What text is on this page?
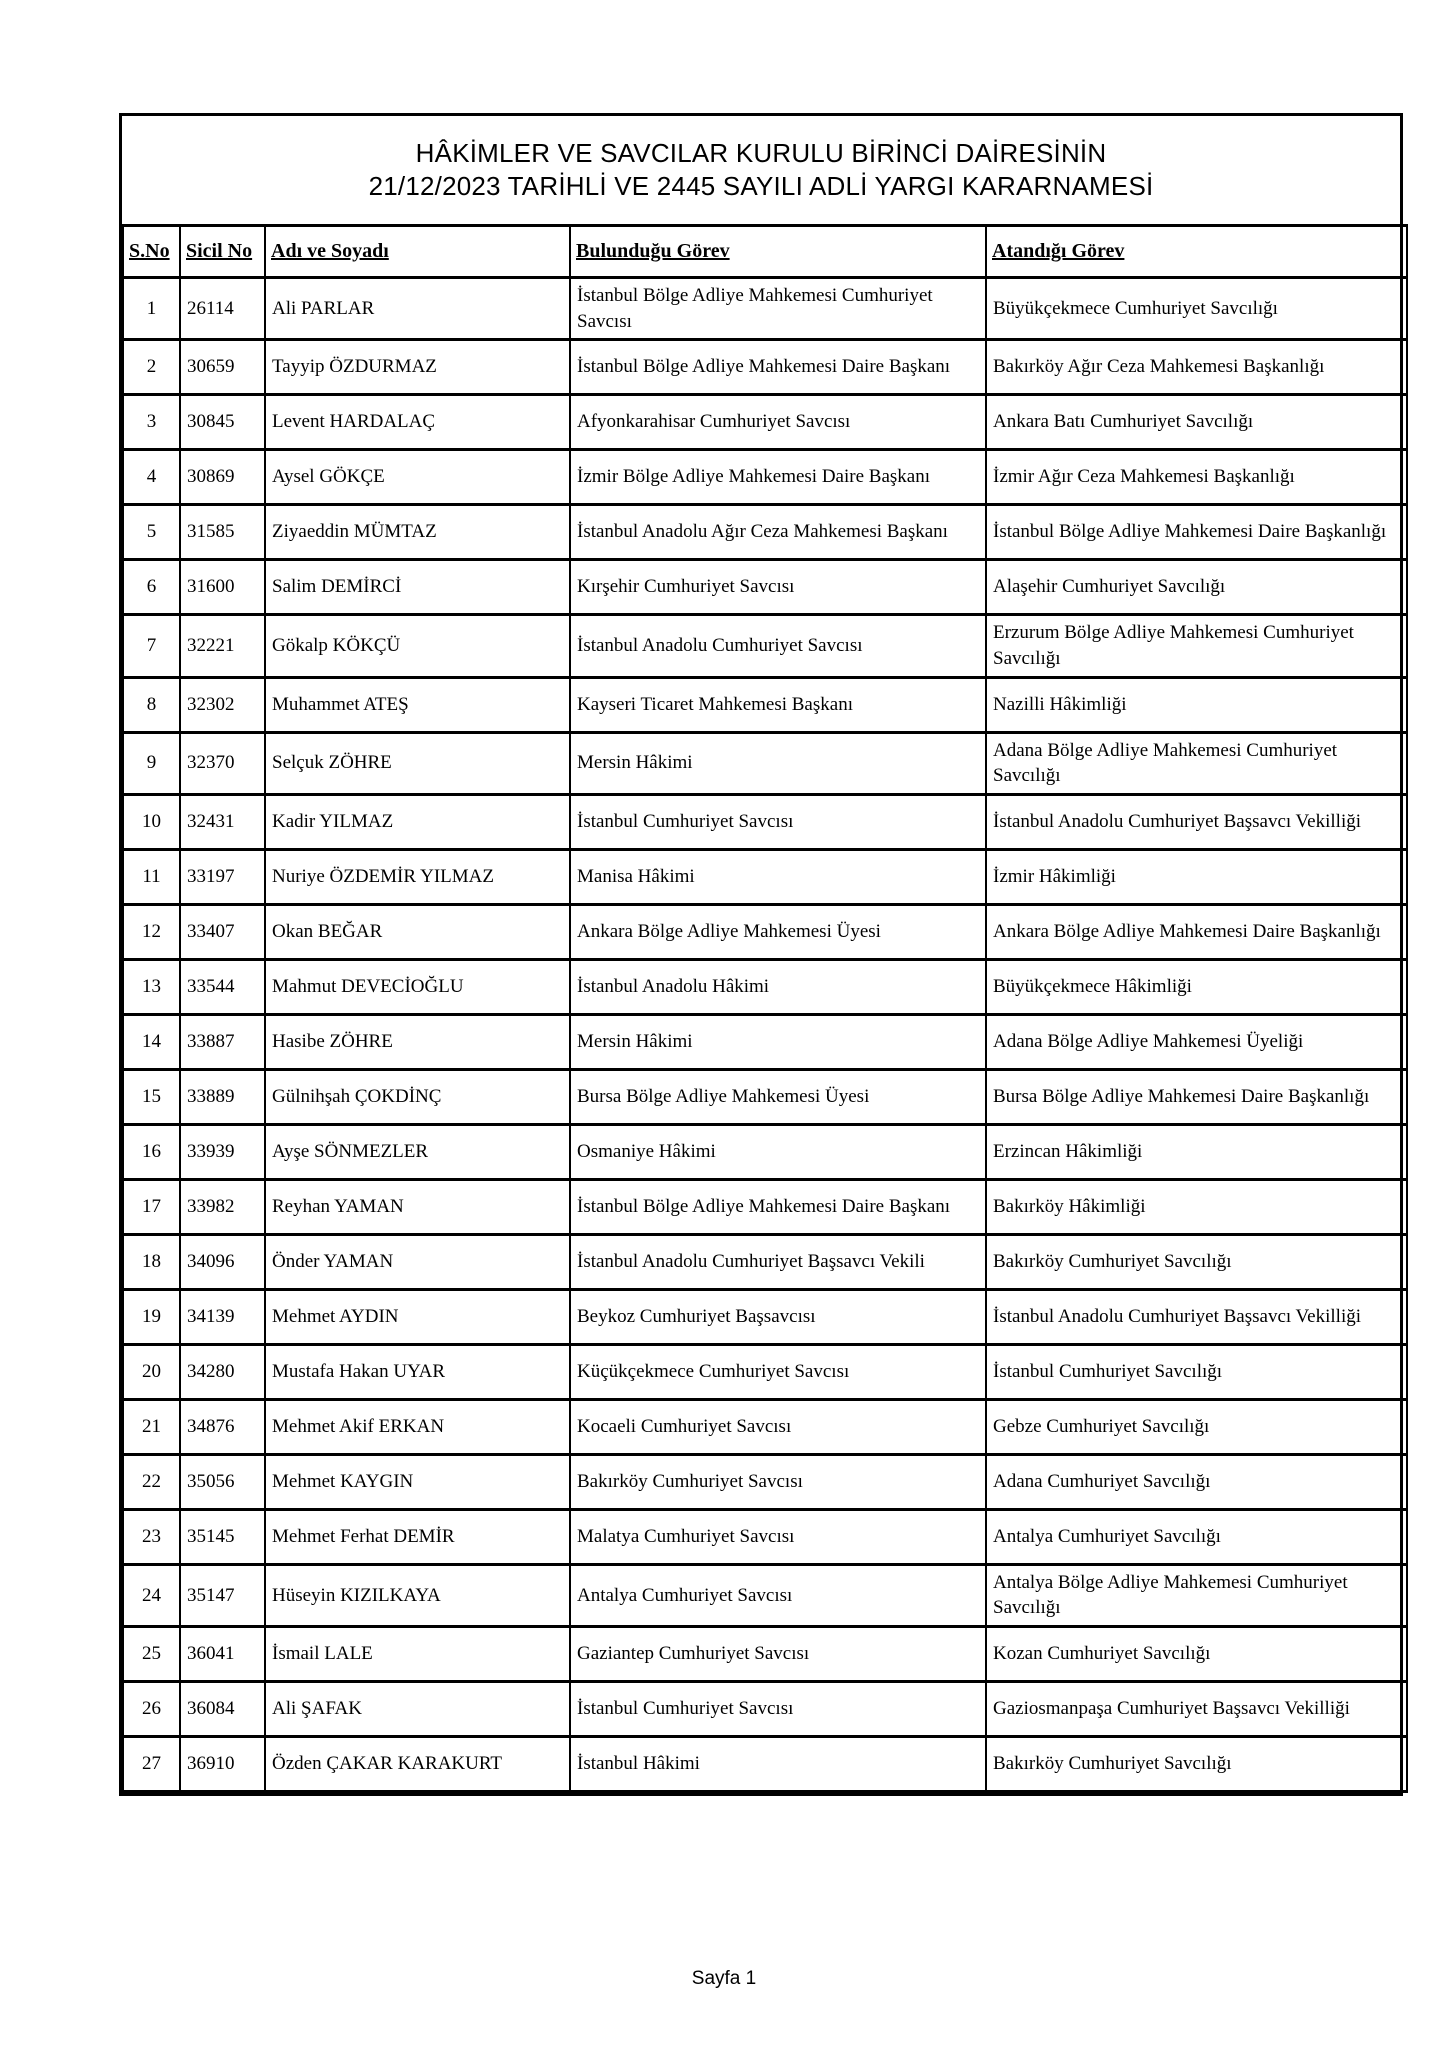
HÂKİMLER VE SAVCILAR KURULU BİRİNCİ DAİRESİNİN
21/12/2023 TARİHLİ VE 2445 SAYILI ADLİ YARGI KARARNAMESİ
S.No	Sicil No	Adı ve Soyadı	Bulunduğu Görev	Atandığı Görev
1	26114	Ali PARLAR	İstanbul Bölge Adliye Mahkemesi Cumhuriyet Savcısı	Büyükçekmece Cumhuriyet Savcılığı
2	30659	Tayyip ÖZDURMAZ	İstanbul Bölge Adliye Mahkemesi Daire Başkanı	Bakırköy Ağır Ceza Mahkemesi Başkanlığı
3	30845	Levent HARDALAÇ	Afyonkarahisar Cumhuriyet Savcısı	Ankara Batı Cumhuriyet Savcılığı
4	30869	Aysel GÖKÇE	İzmir Bölge Adliye Mahkemesi Daire Başkanı	İzmir Ağır Ceza Mahkemesi Başkanlığı
5	31585	Ziyaeddin MÜMTAZ	İstanbul Anadolu Ağır Ceza Mahkemesi Başkanı	İstanbul Bölge Adliye Mahkemesi Daire Başkanlığı
6	31600	Salim DEMİRCİ	Kırşehir Cumhuriyet Savcısı	Alaşehir Cumhuriyet Savcılığı
7	32221	Gökalp KÖKÇÜ	İstanbul Anadolu Cumhuriyet Savcısı	Erzurum Bölge Adliye Mahkemesi Cumhuriyet Savcılığı
8	32302	Muhammet ATEŞ	Kayseri Ticaret Mahkemesi Başkanı	Nazilli Hâkimliği
9	32370	Selçuk ZÖHRE	Mersin Hâkimi	Adana Bölge Adliye Mahkemesi Cumhuriyet Savcılığı
10	32431	Kadir YILMAZ	İstanbul Cumhuriyet Savcısı	İstanbul Anadolu Cumhuriyet Başsavcı Vekilliği
11	33197	Nuriye ÖZDEMİR YILMAZ	Manisa Hâkimi	İzmir Hâkimliği
12	33407	Okan BEĞAR	Ankara Bölge Adliye Mahkemesi Üyesi	Ankara Bölge Adliye Mahkemesi Daire Başkanlığı
13	33544	Mahmut DEVECİOĞLU	İstanbul Anadolu Hâkimi	Büyükçekmece Hâkimliği
14	33887	Hasibe ZÖHRE	Mersin Hâkimi	Adana Bölge Adliye Mahkemesi Üyeliği
15	33889	Gülnihşah ÇOKDİNÇ	Bursa Bölge Adliye Mahkemesi Üyesi	Bursa Bölge Adliye Mahkemesi Daire Başkanlığı
16	33939	Ayşe SÖNMEZLER	Osmaniye Hâkimi	Erzincan Hâkimliği
17	33982	Reyhan YAMAN	İstanbul Bölge Adliye Mahkemesi Daire Başkanı	Bakırköy Hâkimliği
18	34096	Önder YAMAN	İstanbul Anadolu Cumhuriyet Başsavcı Vekili	Bakırköy Cumhuriyet Savcılığı
19	34139	Mehmet AYDIN	Beykoz Cumhuriyet Başsavcısı	İstanbul Anadolu Cumhuriyet Başsavcı Vekilliği
20	34280	Mustafa Hakan UYAR	Küçükçekmece Cumhuriyet Savcısı	İstanbul Cumhuriyet Savcılığı
21	34876	Mehmet Akif ERKAN	Kocaeli Cumhuriyet Savcısı	Gebze Cumhuriyet Savcılığı
22	35056	Mehmet KAYGIN	Bakırköy Cumhuriyet Savcısı	Adana Cumhuriyet Savcılığı
23	35145	Mehmet Ferhat DEMİR	Malatya Cumhuriyet Savcısı	Antalya Cumhuriyet Savcılığı
24	35147	Hüseyin KIZILKAYA	Antalya Cumhuriyet Savcısı	Antalya Bölge Adliye Mahkemesi Cumhuriyet Savcılığı
25	36041	İsmail LALE	Gaziantep Cumhuriyet Savcısı	Kozan Cumhuriyet Savcılığı
26	36084	Ali ŞAFAK	İstanbul Cumhuriyet Savcısı	Gaziosmanpaşa Cumhuriyet Başsavcı Vekilliği
27	36910	Özden ÇAKAR KARAKURT	İstanbul Hâkimi	Bakırköy Cumhuriyet Savcılığı
Sayfa 1
